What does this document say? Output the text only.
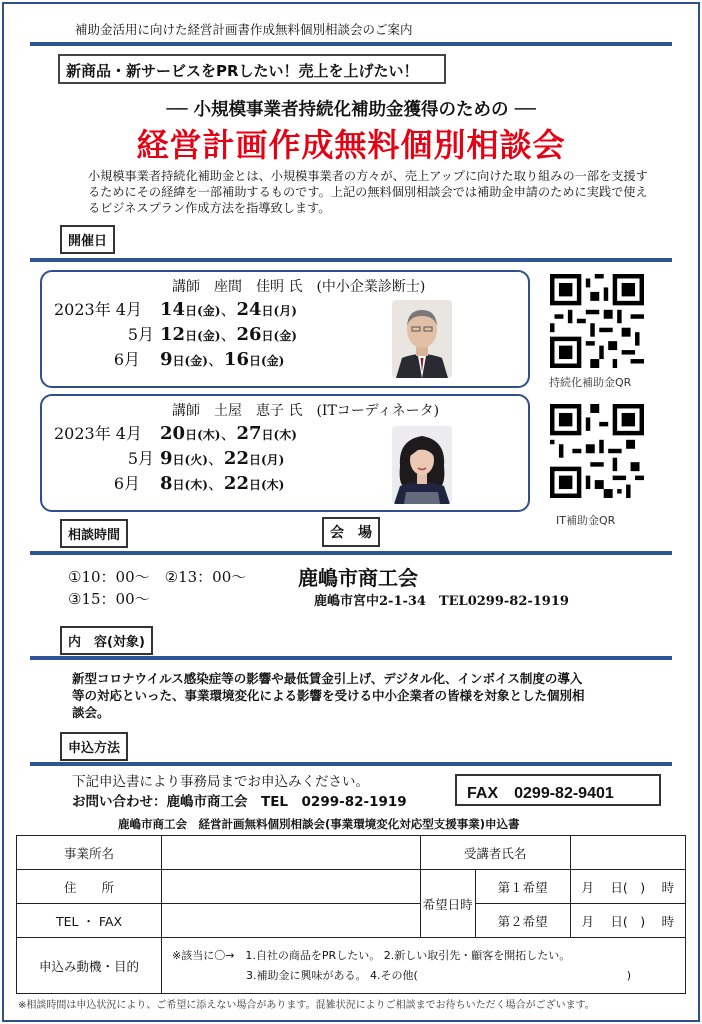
補助金活用に向けた経営計画書作成無料個別相談会のご案内
新商品・新サービスをPRしたい！売上を上げたい！
── 小規模事業者持続化補助金獲得のための ──
経営計画作成無料個別相談会
小規模事業者持続化補助金とは、小規模事業者の方々が、売上アップに向けた取り組みの一部を支援するためにその経緯を一部補助するものです。上記の無料個別相談会では補助金申請のために実践で使えるビジネスプラン作成方法を指導致します。
開催日
講師　座間　佳明 氏　(中小企業診断士)
2023年 4月 14日(金)、24日(月)
5月 12日(金)、26日(金)
6月 9日(金)、16日(金)
講師　土屋　恵子 氏　(ITコーディネータ)
2023年 4月 20日(木)、27日(木)
5月 9日(火)、22日(月)
6月 8日(木)、22日(木)
持続化補助金QR
IT補助金QR
相談時間	会　場
①10：00～　②13：00～
③15：00～
鹿嶋市商工会
鹿嶋市宮中2-1-34　TEL0299-82-1919
内　容(対象)
新型コロナウイルス感染症等の影響や最低賃金引上げ、デジタル化、インボイス制度の導入等の対応といった、事業環境変化による影響を受ける中小企業者の皆様を対象とした個別相談会。
申込方法
下記申込書により事務局までお申込みください。
お問い合わせ：鹿嶋市商工会　TEL　0299-82-1919	FAX　0299-82-9401
鹿嶋市商工会　経営計画無料個別相談会(事業環境変化対応型支援事業)申込書
事業所名		受講者氏名		
住　　所		希望日時	第１希望	月　 日(　)　 時
TEL ・ FAX			第２希望	月　 日(　)　 時
申込み動機・目的	※該当に〇→　1.自社の商品をPRしたい。 2.新しい取引先・顧客を開拓したい。
3.補助金に興味がある。 4.その他(　　　　　　　　　　　　　　　　　　　)			
※相談時間は申込状況により、ご希望に添えない場合があります。混雑状況によりご相談までお待ちいただく場合がございます。
